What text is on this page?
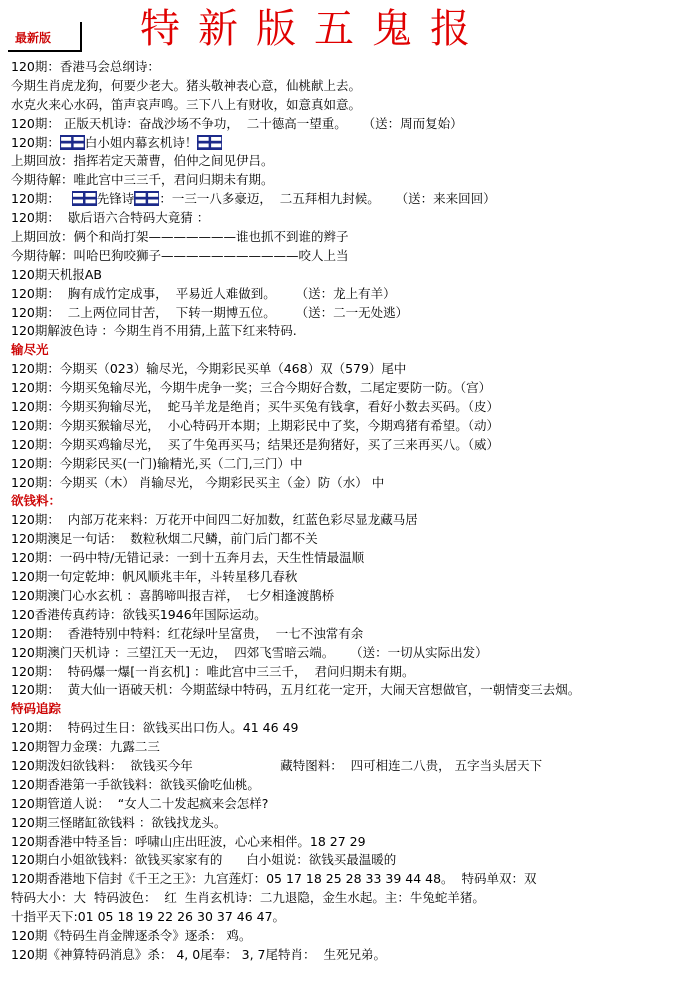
最新版 特新版五鬼报
120期：香港马会总纲诗：
今期生肖虎龙狗，何要少老大。猪头敬神表心意，仙桃献上去。
水克火来心水码，笛声哀声鸣。三下八上有财收，如意真如意。
120期： 正版天机诗：奋战沙场不争功，  二十德高一望重。    （送：周而复始）
120期：〓〓白小姐内幕玄机诗！〓〓
上期回放：指挥若定天萧曹，伯仲之间见伊吕。
今期待解：唯此宫中三三千，君问归期未有期。
120期：   〓〓先锋诗〓〓：一三一八多豪迈，  二五拜相九封候。    （送：来来回回）
120期：  歇后语六合特码大竟猜 ：
上期回放：俩个和尚打架———————谁也抓不到谁的辫子
今期待解：叫哈巴狗咬狮子———————————咬人上当
120期天机报AB
120期：  胸有成竹定成事，  平易近人难做到。     （送：龙上有羊）
120期：  二上两位同甘苦，  下转一期博五位。     （送：二一无处逃）
120期解波色诗 ：今期生肖不用猜,上蓝下红来特码.
输尽光
120期：今期买（023）输尽光，今期彩民买单（468）双（579）尾中
120期：今期买兔输尽光，今期牛虎争一奖；三合今期好合数，二尾定要防一防。（宫）
120期：今期买狗输尽光，  蛇马羊龙是绝肖；买牛买兔有钱拿，看好小数去买码。（皮）
120期：今期买猴输尽光，  小心特码开本期；上期彩民中了奖，今期鸡猪有希望。（动）
120期：今期买鸡输尽光，  买了牛兔再买马；结果还是狗猪好，买了三来再买八。（威）
120期：今期彩民买(一门)输精光,买（二门,三门）中
120期：今期买（木） 肖输尽光， 今期彩民买主（金）防（水） 中
欲钱料：
120期：  内部万花来料：万花开中间四二好加数，红蓝色彩尽显龙藏马居
120期澳足一句话：  数粒秋烟二尺鳞，前门后门都不关
120期：一码中特/无错记录：一到十五奔月去，天生性情最温顺
120期一句定乾坤：帆风顺兆丰年，斗转星移几春秋
120期澳门心水玄机 ：喜鹊啼叫报吉祥，  七夕相逢渡鹊桥
120香港传真药诗：欲钱买1946年国际运动。
120期：  香港特别中特料：红花绿叶呈富贵，  一七不浊常有余
120期澳门天机诗 ：三望江天一无边，  四郊飞雪暗云端。    （送：一切从实际出发）
120期：  特码爆一爆[一肖玄机] ：唯此宫中三三千，  君问归期未有期。
120期：  黄大仙一语破天机：今期蓝绿中特码，五月红花一定开，大闹天宫想做官，一朝情变三去烟。
特码追踪
120期：  特码过生日：欲钱买出口伤人。41 46 49
120期智力金璞：九露二三
120期泼妇欲钱料：  欲钱买今年                      藏特图料：  四可相连二八贵， 五字当头居天下
120期香港第一手欲钱料：欲钱买偷吃仙桃。
120期管道人说：  “女人二十发起疯来会怎样?
120期三怪睹缸欲钱料 ：欲钱找龙头。
120期香港中特圣旨：呼啸山庄出旺波，心心来相伴。18 27 29
120期白小姐欲钱料：欲钱买家家有的      白小姐说：欲钱买最温暖的
120期香港地下信封《千王之王》：九宫莲灯：05 17 18 25 28 33 39 44 48。  特码单双：双
特码大小：大  特码波色：  红  生肖玄机诗：二九退隐，金生水起。主：牛兔蛇羊猪。
十指平天下:01 05 18 19 22 26 30 37 46 47。
120期《特码生肖金牌逐杀令》逐杀： 鸡。
120期《神算特码消息》杀： 4, 0尾奉： 3, 7尾特肖：  生死兄弟。
